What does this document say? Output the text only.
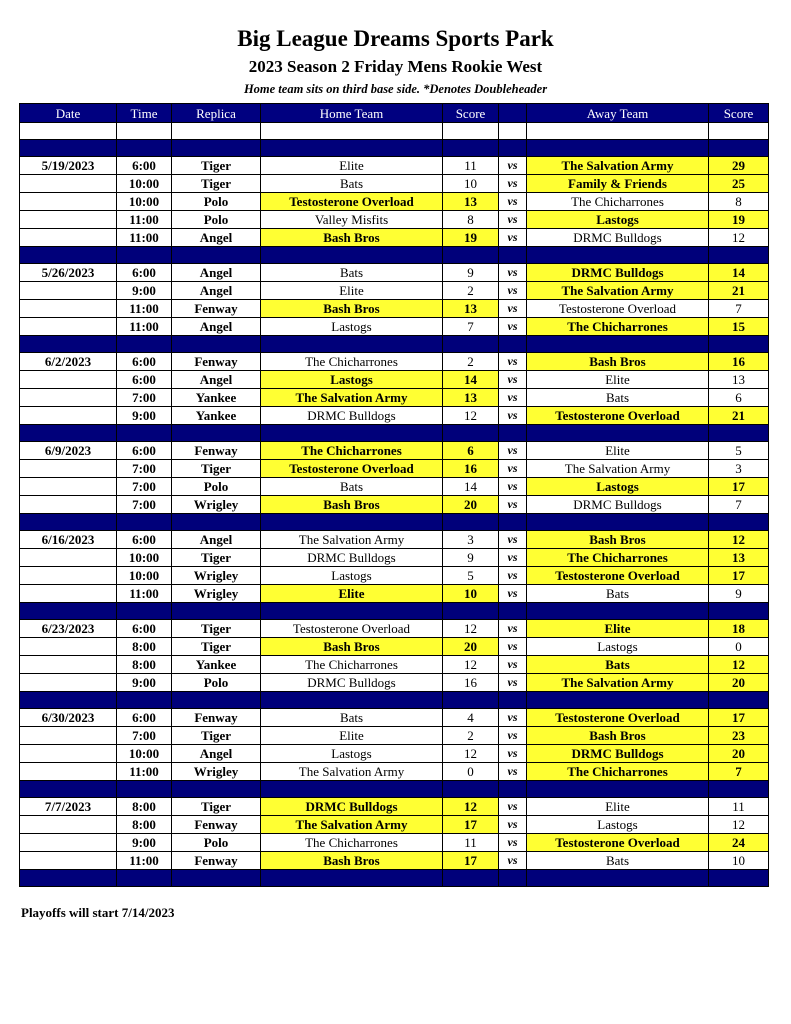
Big League Dreams Sports Park
2023 Season 2 Friday Mens Rookie West
Home team sits on third base side. *Denotes Doubleheader
Date	Time	Replica	Home Team	Score		Away Team	Score

5/19/2023	6:00	Tiger	Elite	11	vs	The Salvation Army	29
	10:00	Tiger	Bats	10	vs	Family & Friends	25
	10:00	Polo	Testosterone Overload	13	vs	The Chicharrones	8
	11:00	Polo	Valley Misfits	8	vs	Lastogs	19
	11:00	Angel	Bash Bros	19	vs	DRMC Bulldogs	12

5/26/2023	6:00	Angel	Bats	9	vs	DRMC Bulldogs	14
	9:00	Angel	Elite	2	vs	The Salvation Army	21
	11:00	Fenway	Bash Bros	13	vs	Testosterone Overload	7
	11:00	Angel	Lastogs	7	vs	The Chicharrones	15

6/2/2023	6:00	Fenway	The Chicharrones	2	vs	Bash Bros	16
	6:00	Angel	Lastogs	14	vs	Elite	13
	7:00	Yankee	The Salvation Army	13	vs	Bats	6
	9:00	Yankee	DRMC Bulldogs	12	vs	Testosterone Overload	21

6/9/2023	6:00	Fenway	The Chicharrones	6	vs	Elite	5
	7:00	Tiger	Testosterone Overload	16	vs	The Salvation Army	3
	7:00	Polo	Bats	14	vs	Lastogs	17
	7:00	Wrigley	Bash Bros	20	vs	DRMC Bulldogs	7

6/16/2023	6:00	Angel	The Salvation Army	3	vs	Bash Bros	12
	10:00	Tiger	DRMC Bulldogs	9	vs	The Chicharrones	13
	10:00	Wrigley	Lastogs	5	vs	Testosterone Overload	17
	11:00	Wrigley	Elite	10	vs	Bats	9

6/23/2023	6:00	Tiger	Testosterone Overload	12	vs	Elite	18
	8:00	Tiger	Bash Bros	20	vs	Lastogs	0
	8:00	Yankee	The Chicharrones	12	vs	Bats	12
	9:00	Polo	DRMC Bulldogs	16	vs	The Salvation Army	20

6/30/2023	6:00	Fenway	Bats	4	vs	Testosterone Overload	17
	7:00	Tiger	Elite	2	vs	Bash Bros	23
	10:00	Angel	Lastogs	12	vs	DRMC Bulldogs	20
	11:00	Wrigley	The Salvation Army	0	vs	The Chicharrones	7

7/7/2023	8:00	Tiger	DRMC Bulldogs	12	vs	Elite	11
	8:00	Fenway	The Salvation Army	17	vs	Lastogs	12
	9:00	Polo	The Chicharrones	11	vs	Testosterone Overload	24
	11:00	Fenway	Bash Bros	17	vs	Bats	10

Playoffs will start 7/14/2023
